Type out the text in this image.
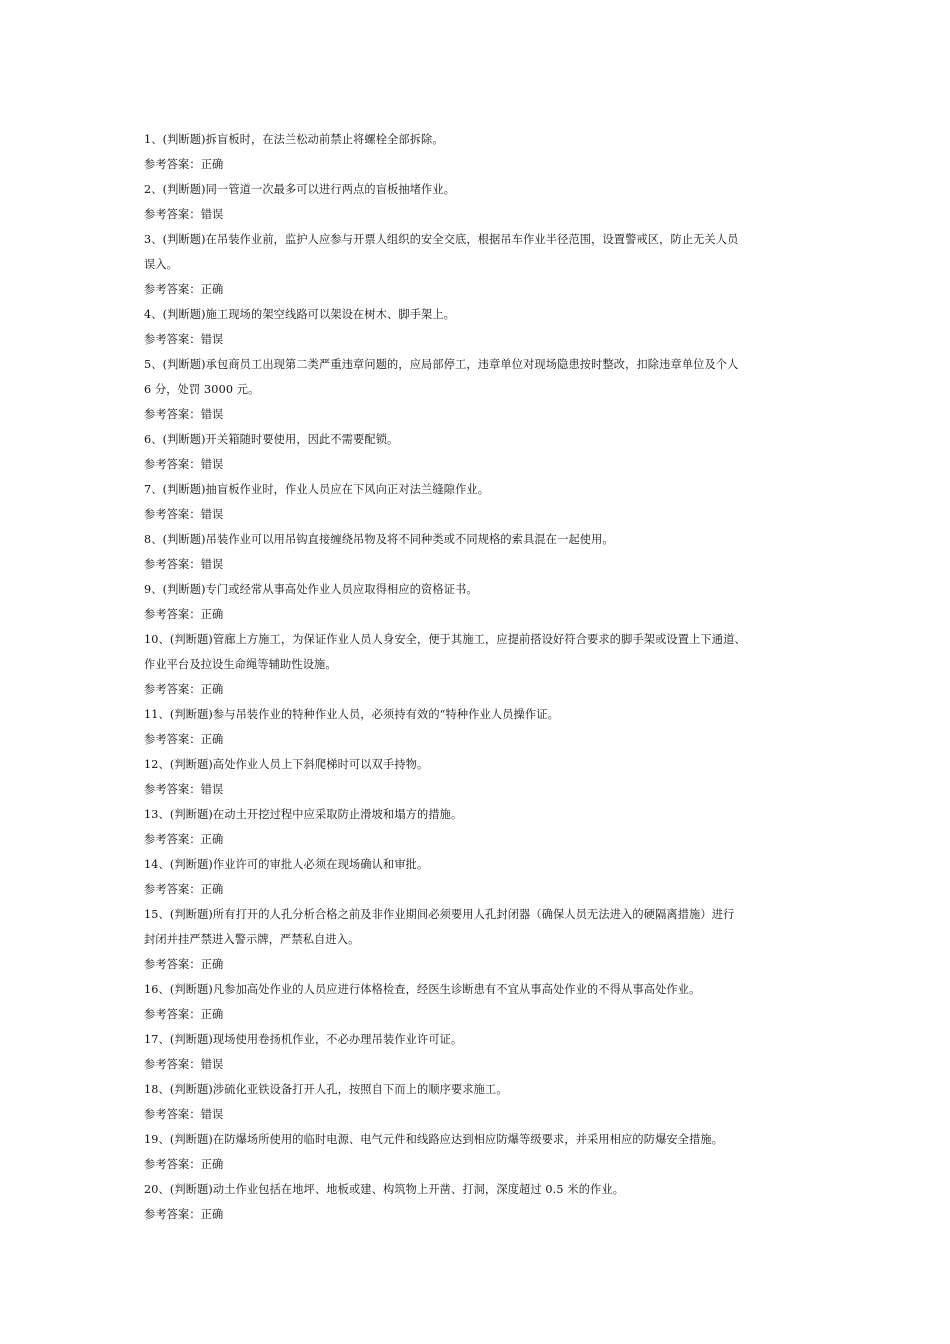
1、(判断题)拆盲板时，在法兰松动前禁止将螺栓全部拆除。
参考答案：正确
2、(判断题)同一管道一次最多可以进行两点的盲板抽堵作业。
参考答案：错误
3、(判断题)在吊装作业前，监护人应参与开票人组织的安全交底，根据吊车作业半径范围，设置警戒区，防止无关人员
误入。
参考答案：正确
4、(判断题)施工现场的架空线路可以架设在树木、脚手架上。
参考答案：错误
5、(判断题)承包商员工出现第二类严重违章问题的，应局部停工，违章单位对现场隐患按时整改，扣除违章单位及个人
6 分，处罚 3000 元。
参考答案：错误
6、(判断题)开关箱随时要使用，因此不需要配锁。
参考答案：错误
7、(判断题)抽盲板作业时，作业人员应在下风向正对法兰缝隙作业。
参考答案：错误
8、(判断题)吊装作业可以用吊钩直接缠绕吊物及将不同种类或不同规格的索具混在一起使用。
参考答案：错误
9、(判断题)专门或经常从事高处作业人员应取得相应的资格证书。
参考答案：正确
10、(判断题)管廊上方施工，为保证作业人员人身安全，便于其施工，应提前搭设好符合要求的脚手架或设置上下通道、
作业平台及拉设生命绳等辅助性设施。
参考答案：正确
11、(判断题)参与吊装作业的特种作业人员，必须持有效的“特种作业人员操作证。
参考答案：正确
12、(判断题)高处作业人员上下斜爬梯时可以双手持物。
参考答案：错误
13、(判断题)在动土开挖过程中应采取防止滑坡和塌方的措施。
参考答案：正确
14、(判断题)作业许可的审批人必须在现场确认和审批。
参考答案：正确
15、(判断题)所有打开的人孔分析合格之前及非作业期间必须要用人孔封闭器（确保人员无法进入的硬隔离措施）进行
封闭并挂严禁进入警示牌，严禁私自进入。
参考答案：正确
16、(判断题)凡参加高处作业的人员应进行体格检查，经医生诊断患有不宜从事高处作业的不得从事高处作业。
参考答案：正确
17、(判断题)现场使用卷扬机作业，不必办理吊装作业许可证。
参考答案：错误
18、(判断题)涉硫化亚铁设备打开人孔，按照自下而上的顺序要求施工。
参考答案：错误
19、(判断题)在防爆场所使用的临时电源、电气元件和线路应达到相应防爆等级要求，并采用相应的防爆安全措施。
参考答案：正确
20、(判断题)动土作业包括在地坪、地板或建、构筑物上开凿、打洞，深度超过 0.5 米的作业。
参考答案：正确
